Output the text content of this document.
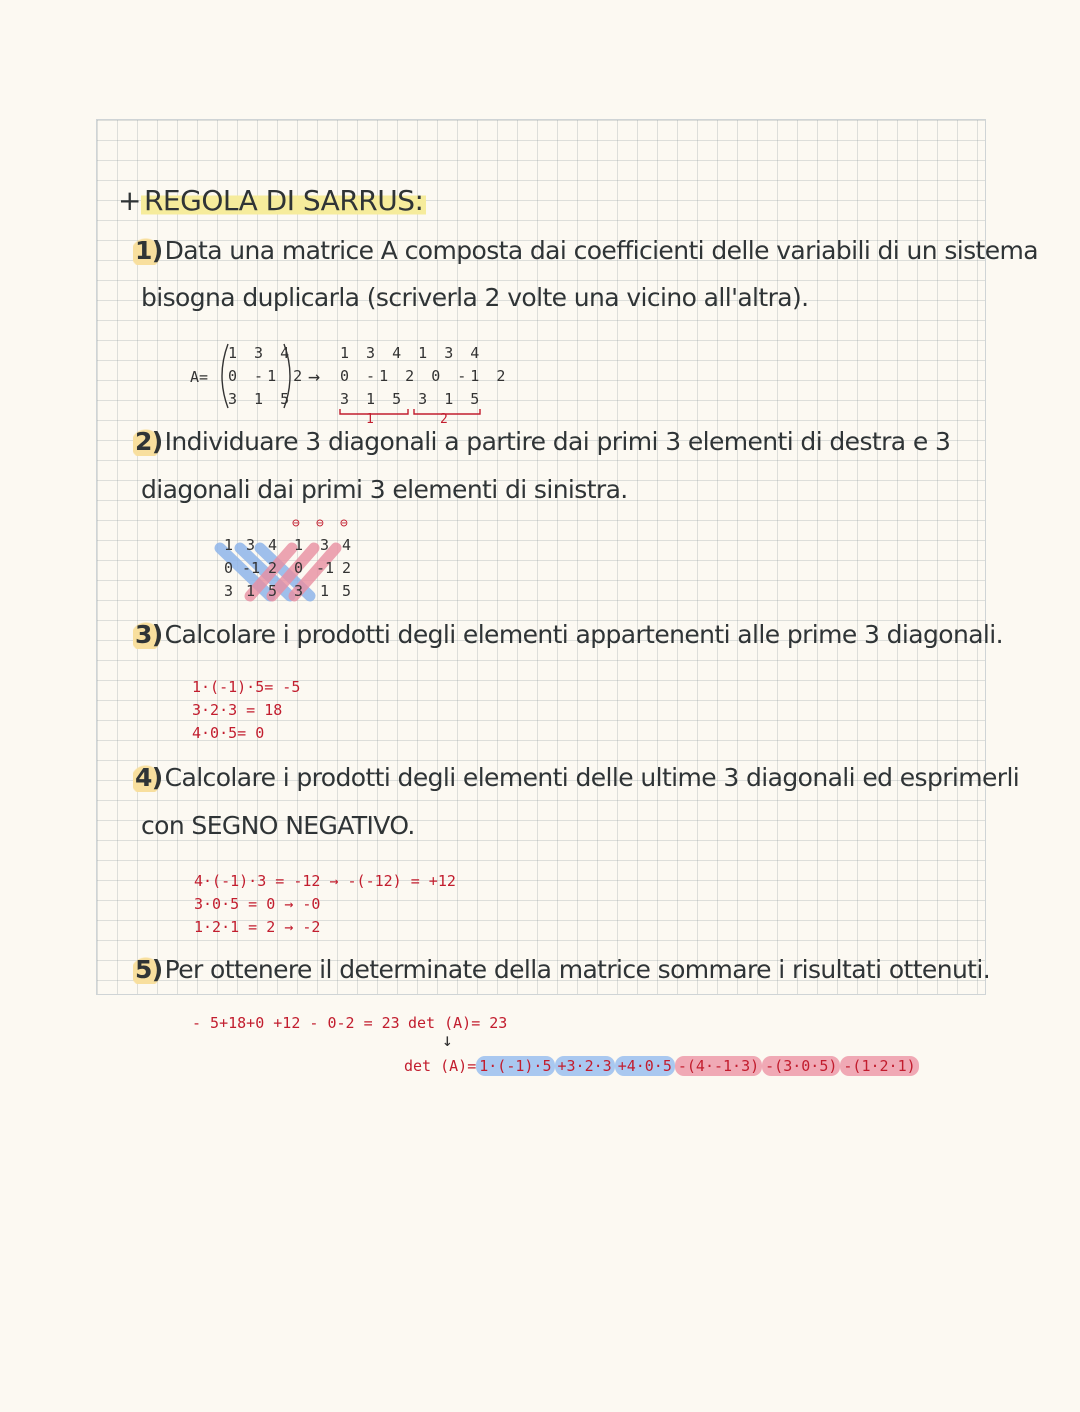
+ REGOLA DI SARRUS:
1)Data una matrice A composta dai coefficienti delle variabili di un sistema
bisogna duplicarla (scriverla 2 volte una vicino all'altra).
A=
1 3 4
0 -1 2
3 1 5
→
1 3 4 1 3 4
0 -1 2 0 -1 2
3 1 5 3 1 5
1	2
2)Individuare 3 diagonali a partire dai primi 3 elementi di destra e 3
diagonali dai primi 3 elementi di sinistra.
⊖ ⊖ ⊖
1 3 4 1 3 4
0 -1 2 0 -1 2
3 1 5 3 1 5
3)Calcolare i prodotti degli elementi appartenenti alle prime 3 diagonali.
1·(-1)·5= -5
3·2·3 = 18
4·0·5= 0
4)Calcolare i prodotti degli elementi delle ultime 3 diagonali ed esprimerli
con SEGNO NEGATIVO.
4·(-1)·3 = -12 → -(-12) = +12
3·0·5 = 0 → -0
1·2·1 = 2 → -2
5)Per ottenere il determinate della matrice sommare i risultati ottenuti.
- 5+18+0 +12 - 0-2 = 23 det (A)= 23
↓
det (A)= 1·(-1)·5 +3·2·3 +4·0·5 -(4·-1·3) -(3·0·5) -(1·2·1)
